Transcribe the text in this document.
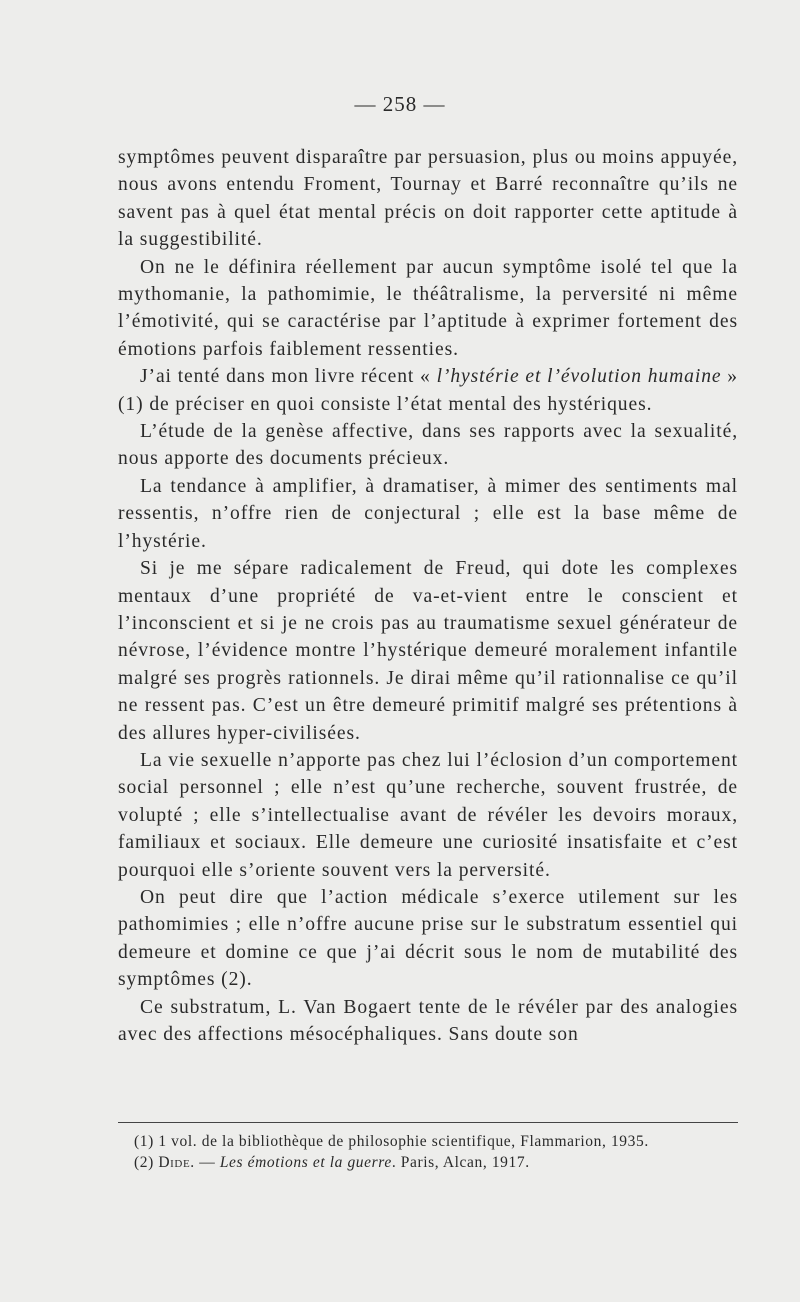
— 258 —

symptômes peuvent disparaître par persuasion, plus ou moins appuyée, nous avons entendu Froment, Tournay et Barré reconnaître qu’ils ne savent pas à quel état mental précis on doit rapporter cette aptitude à la suggestibilité.

On ne le définira réellement par aucun symptôme isolé tel que la mythomanie, la pathomimie, le théâtralisme, la perversité ni même l’émotivité, qui se caractérise par l’aptitude à exprimer fortement des émotions parfois faiblement ressenties.

J’ai tenté dans mon livre récent « l’hystérie et l’évolution humaine » (1) de préciser en quoi consiste l’état mental des hystériques.

L’étude de la genèse affective, dans ses rapports avec la sexualité, nous apporte des documents précieux.

La tendance à amplifier, à dramatiser, à mimer des sentiments mal ressentis, n’offre rien de conjectural ; elle est la base même de l’hystérie.

Si je me sépare radicalement de Freud, qui dote les complexes mentaux d’une propriété de va-et-vient entre le conscient et l’inconscient et si je ne crois pas au traumatisme sexuel générateur de névrose, l’évidence montre l’hystérique demeuré moralement infantile malgré ses progrès rationnels. Je dirai même qu’il rationnalise ce qu’il ne ressent pas. C’est un être demeuré primitif malgré ses prétentions à des allures hyper-civilisées.

La vie sexuelle n’apporte pas chez lui l’éclosion d’un comportement social personnel ; elle n’est qu’une recherche, souvent frustrée, de volupté ; elle s’intellectualise avant de révéler les devoirs moraux, familiaux et sociaux. Elle demeure une curiosité insatisfaite et c’est pourquoi elle s’oriente souvent vers la perversité.

On peut dire que l’action médicale s’exerce utilement sur les pathomimies ; elle n’offre aucune prise sur le substratum essentiel qui demeure et domine ce que j’ai décrit sous le nom de mutabilité des symptômes (2).

Ce substratum, L. Van Bogaert tente de le révéler par des analogies avec des affections mésocéphaliques. Sans doute son

(1) 1 vol. de la bibliothèque de philosophie scientifique, Flammarion, 1935.

(2) Dide. — Les émotions et la guerre. Paris, Alcan, 1917.
